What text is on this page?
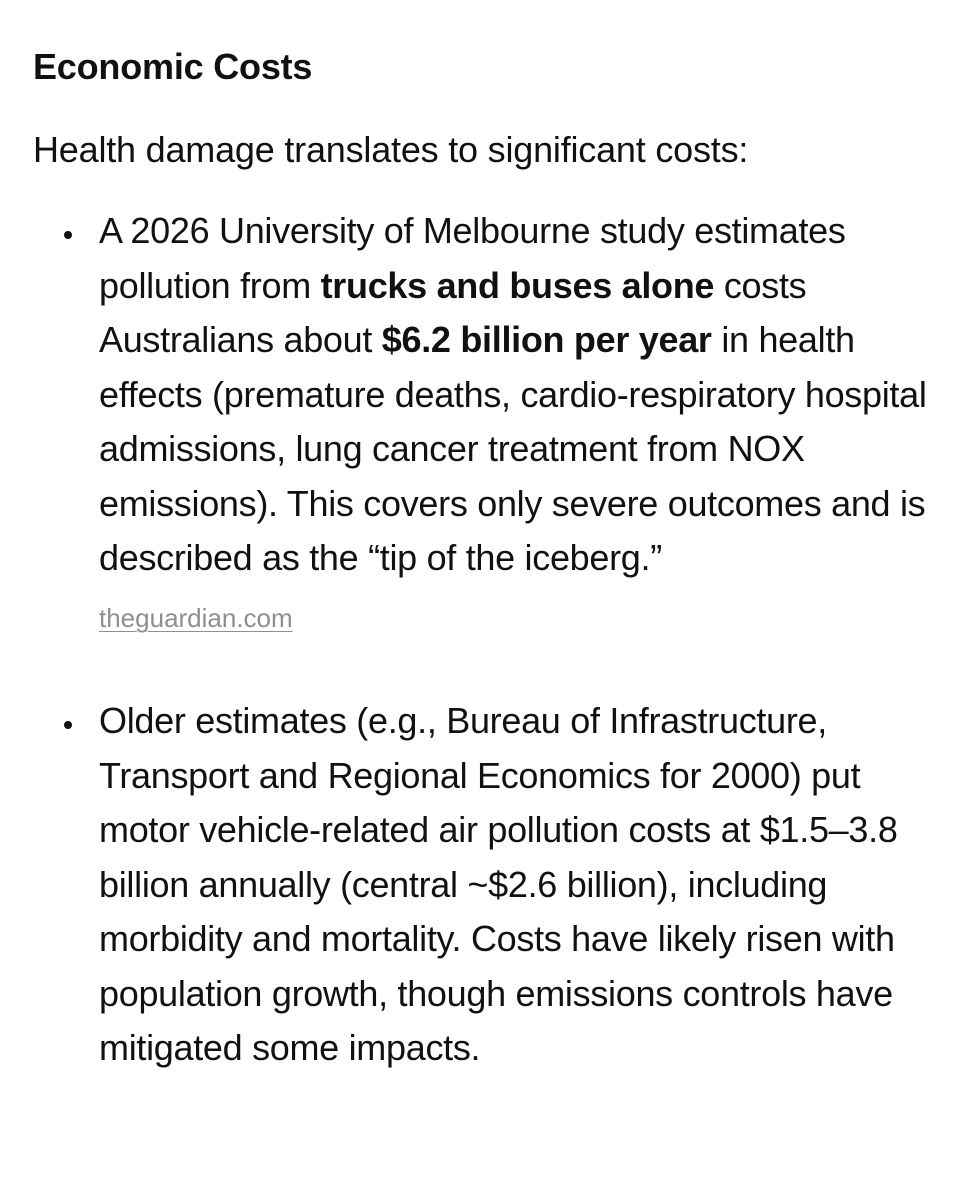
Economic Costs

Health damage translates to significant costs:

A 2026 University of Melbourne study estimates pollution from trucks and buses alone costs Australians about $6.2 billion per year in health effects (premature deaths, cardio-respiratory hospital admissions, lung cancer treatment from NOX emissions). This covers only severe outcomes and is described as the “tip of the iceberg.”
theguardian.com

Older estimates (e.g., Bureau of Infrastructure, Transport and Regional Economics for 2000) put motor vehicle-related air pollution costs at $1.5–3.8 billion annually (central ~$2.6 billion), including morbidity and mortality. Costs have likely risen with population growth, though emissions controls have mitigated some impacts.
